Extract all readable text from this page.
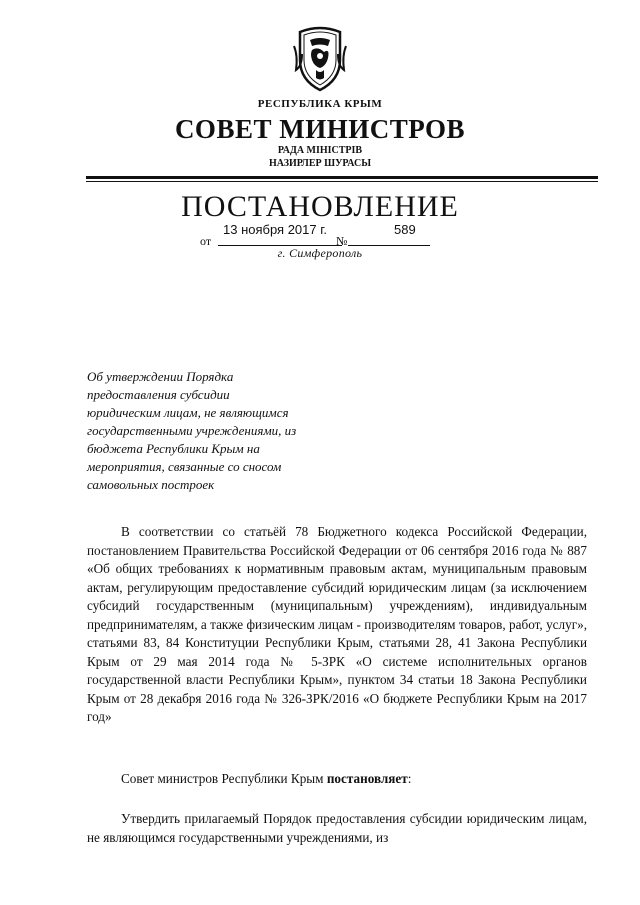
РЕСПУБЛИКА КРЫМ
СОВЕТ МИНИСТРОВ
РАДА МІНІСТРІВ
НАЗИРЛЕР ШУРАСЫ
ПОСТАНОВЛЕНИЕ
от
13 ноября 2017 г.
№
589
г. Симферополь
Об утверждении Порядка
предоставления субсидии
юридическим лицам, не являющимся
государственными учреждениями, из
бюджета Республики Крым на
мероприятия, связанные со сносом
самовольных построек
В соответствии со статьёй 78 Бюджетного кодекса Российской Федерации, постановлением Правительства Российской Федерации от 06 сентября 2016 года № 887 «Об общих требованиях к нормативным правовым актам, муниципальным правовым актам, регулирующим предоставление субсидий юридическим лицам (за исключением субсидий государственным (муниципальным) учреждениям), индивидуальным предпринимателям, а также физическим лицам - производителям товаров, работ, услуг», статьями 83, 84 Конституции Республики Крым, статьями 28, 41 Закона Республики Крым от 29 мая 2014 года № 5-ЗРК «О системе исполнительных органов государственной власти Республики Крым», пунктом 34 статьи 18 Закона Республики Крым от 28 декабря 2016 года № 326-ЗРК/2016 «О бюджете Республики Крым на 2017 год»
Совет министров Республики Крым постановляет:
Утвердить прилагаемый Порядок предоставления субсидии юридическим лицам, не являющимся государственными учреждениями, из
